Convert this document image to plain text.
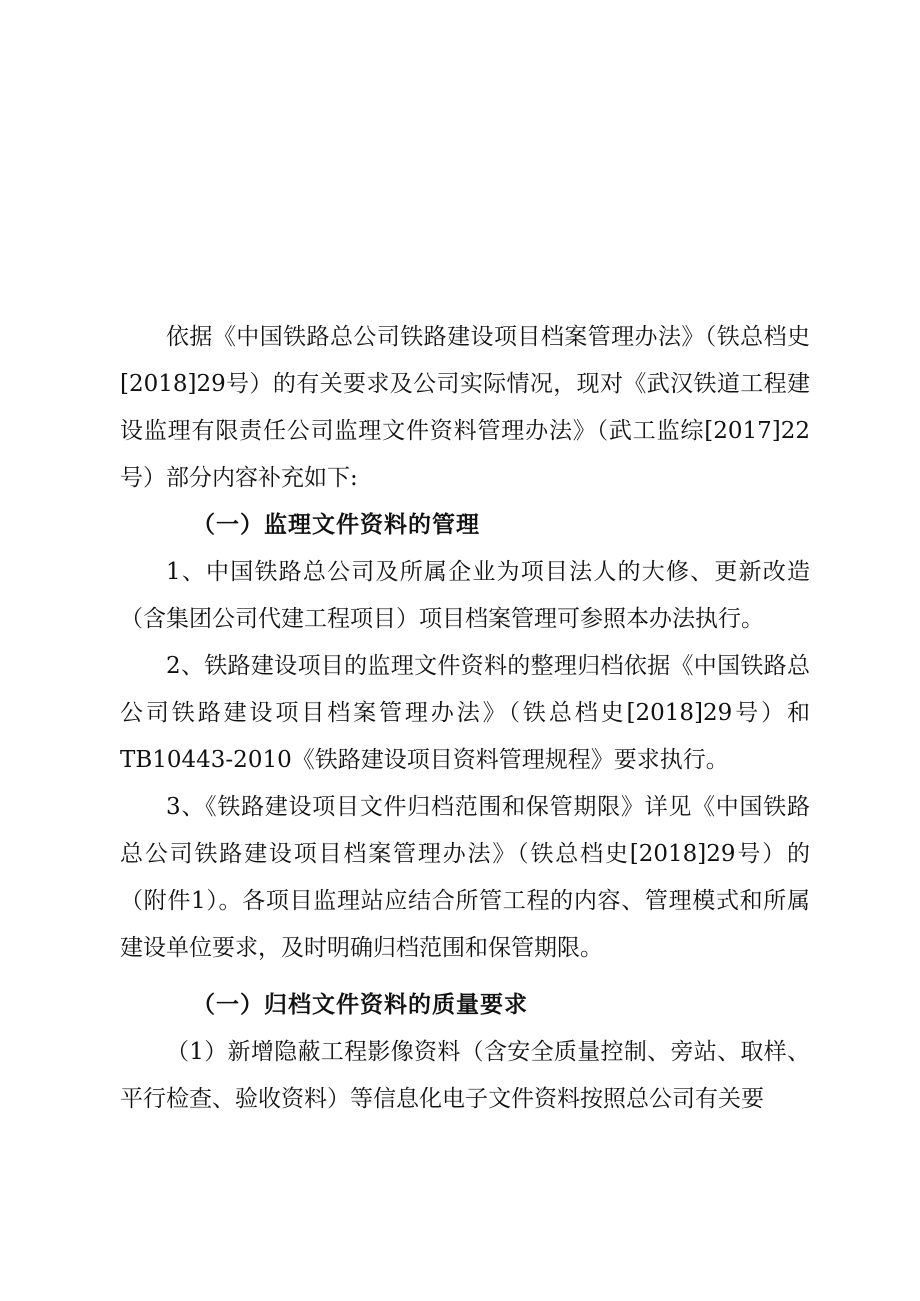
依据《中国铁路总公司铁路建设项目档案管理办法》（铁总档史[2018]29号）的有关要求及公司实际情况，现对《武汉铁道工程建设监理有限责任公司监理文件资料管理办法》（武工监综[2017]22号）部分内容补充如下:

（一）监理文件资料的管理

1、中国铁路总公司及所属企业为项目法人的大修、更新改造（含集团公司代建工程项目）项目档案管理可参照本办法执行。

2、铁路建设项目的监理文件资料的整理归档依据《中国铁路总公司铁路建设项目档案管理办法》（铁总档史[2018]29号）和TB10443-2010《铁路建设项目资料管理规程》要求执行。

3、《铁路建设项目文件归档范围和保管期限》详见《中国铁路总公司铁路建设项目档案管理办法》（铁总档史[2018]29号）的（附件1）。各项目监理站应结合所管工程的内容、管理模式和所属建设单位要求，及时明确归档范围和保管期限。

（一）归档文件资料的质量要求

（1）新增隐蔽工程影像资料（含安全质量控制、旁站、取样、平行检查、验收资料）等信息化电子文件资料按照总公司有关要
